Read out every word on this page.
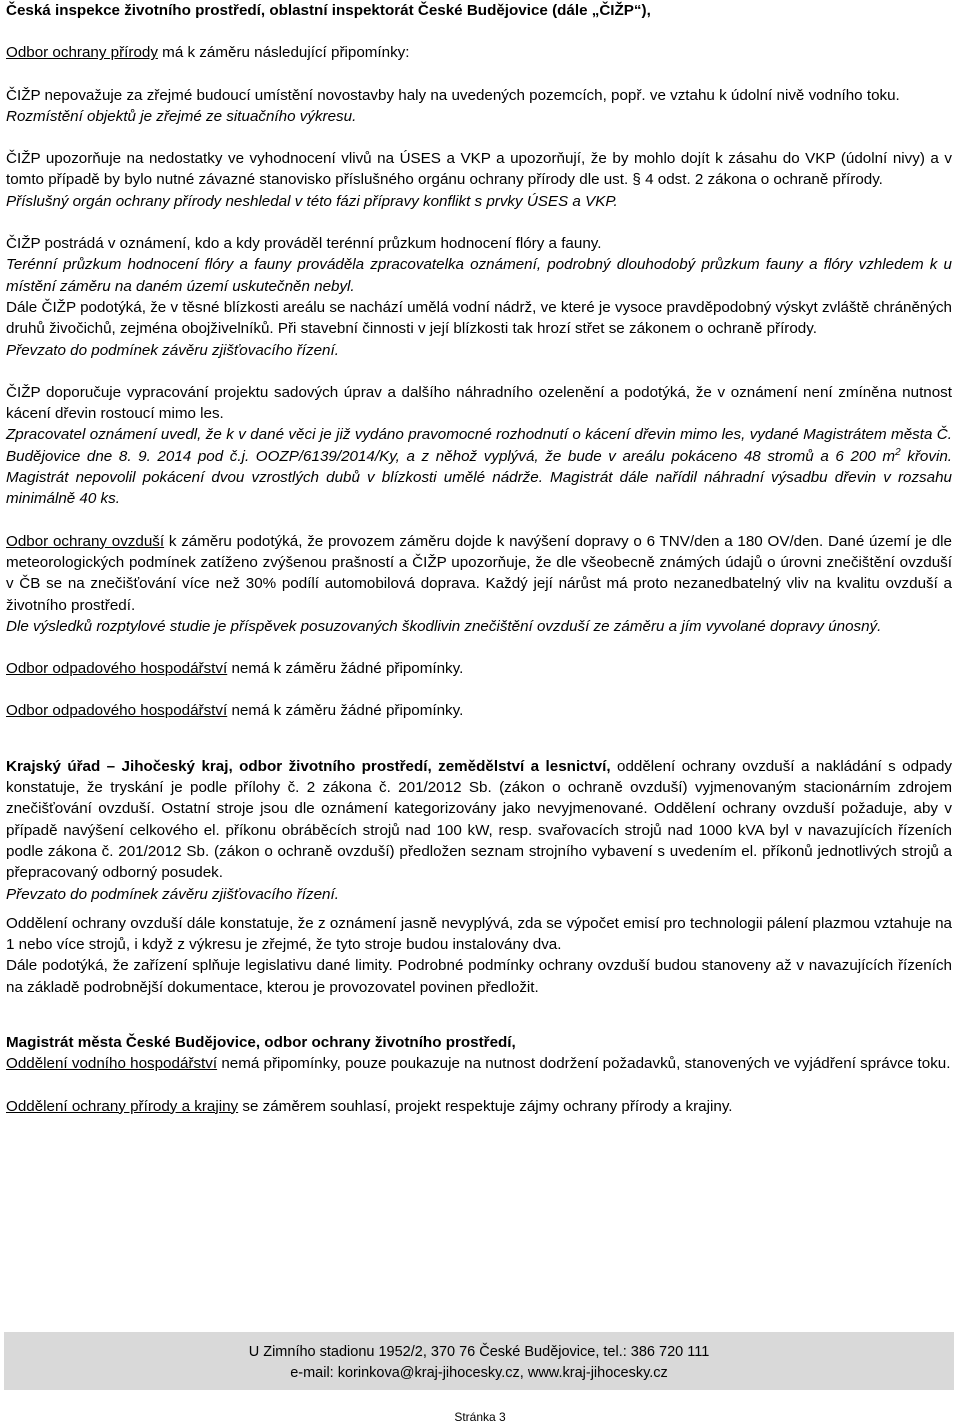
Česká inspekce životního prostředí, oblastní inspektorát České Budějovice (dále „ČIŽP“),

Odbor ochrany přírody má k záměru následující připomínky:

ČIŽP nepovažuje za zřejmé budoucí umístění novostavby haly na uvedených pozemcích, popř. ve vztahu k údolní nivě vodního toku.

Rozmístění objektů je zřejmé ze situačního výkresu.

ČIŽP upozorňuje na nedostatky ve vyhodnocení vlivů na ÚSES a VKP a upozorňují, že by mohlo dojít k zásahu do VKP (údolní nivy) a v tomto případě by bylo nutné závazné stanovisko příslušného orgánu ochrany přírody dle ust. § 4 odst. 2 zákona o ochraně přírody.

Příslušný orgán ochrany přírody neshledal v této fázi přípravy konflikt s prvky ÚSES a VKP.

ČIŽP postrádá v oznámení, kdo a kdy prováděl terénní průzkum hodnocení flóry a fauny.

Terénní průzkum hodnocení flóry a fauny prováděla zpracovatelka oznámení, podrobný dlouhodobý průzkum fauny a flóry vzhledem k u místění záměru na daném území uskutečněn nebyl.

Dále ČIŽP podotýká, že v těsné blízkosti areálu se nachází umělá vodní nádrž, ve které je vysoce pravděpodobný výskyt zvláště chráněných druhů živočichů, zejména obojživelníků. Při stavební činnosti v její blízkosti tak hrozí střet se zákonem o ochraně přírody.

Převzato do podmínek závěru zjišťovacího řízení.

ČIŽP doporučuje vypracování projektu sadových úprav a dalšího náhradního ozelenění a podotýká, že v oznámení není zmíněna nutnost kácení dřevin rostoucí mimo les.

Zpracovatel oznámení uvedl, že k v dané věci je již vydáno pravomocné rozhodnutí o kácení dřevin mimo les, vydané Magistrátem města Č. Budějovice dne 8. 9. 2014 pod č.j. OOZP/6139/2014/Ky, a z něhož vyplývá, že bude v areálu pokáceno 48 stromů a 6 200 $m^2$ křovin. Magistrát nepovolil pokácení dvou vzrostlých dubů v blízkosti umělé nádrže. Magistrát dále nařídil náhradní výsadbu dřevin v rozsahu minimálně 40 ks.

Odbor ochrany ovzduší k záměru podotýká, že provozem záměru dojde k navýšení dopravy o 6 TNV/den a 180 OV/den. Dané území je dle meteorologických podmínek zatíženo zvýšenou prašností a ČIŽP upozorňuje, že dle všeobecně známých údajů o úrovni znečištění ovzduší v ČB se na znečišťování více než 30% podílí automobilová doprava. Každý její nárůst má proto nezanedbatelný vliv na kvalitu ovzduší a životního prostředí.

Dle výsledků rozptylové studie je příspěvek posuzovaných škodlivin znečištění ovzduší ze záměru a jím vyvolané dopravy únosný.

Odbor odpadového hospodářství nemá k záměru žádné připomínky.

Odbor odpadového hospodářství nemá k záměru žádné připomínky.

Krajský úřad – Jihočeský kraj, odbor životního prostředí, zemědělství a lesnictví, oddělení ochrany ovzduší a nakládání s odpady konstatuje, že tryskání je podle přílohy č. 2 zákona č. 201/2012 Sb. (zákon o ochraně ovzduší) vyjmenovaným stacionárním zdrojem znečišťování ovzduší. Ostatní stroje jsou dle oznámení kategorizovány jako nevyjmenované. Oddělení ochrany ovzduší požaduje, aby v případě navýšení celkového el. příkonu obráběcích strojů nad 100 kW, resp. svařovacích strojů nad 1000 kVA byl v navazujících řízeních podle zákona č. 201/2012 Sb. (zákon o ochraně ovzduší) předložen seznam strojního vybavení s uvedením el. příkonů jednotlivých strojů a přepracovaný odborný posudek.

Převzato do podmínek závěru zjišťovacího řízení.

Oddělení ochrany ovzduší dále konstatuje, že z oznámení jasně nevyplývá, zda se výpočet emisí pro technologii pálení plazmou vztahuje na 1 nebo více strojů, i když z výkresu je zřejmé, že tyto stroje budou instalovány dva.

Dále podotýká, že zařízení splňuje legislativu dané limity. Podrobné podmínky ochrany ovzduší budou stanoveny až v navazujících řízeních na základě podrobnější dokumentace, kterou je provozovatel povinen předložit.

Magistrát města České Budějovice, odbor ochrany životního prostředí,

Oddělení vodního hospodářství nemá připomínky, pouze poukazuje na nutnost dodržení požadavků, stanovených ve vyjádření správce toku.

Oddělení ochrany přírody a krajiny se záměrem souhlasí, projekt respektuje zájmy ochrany přírody a krajiny.

U Zimního stadionu 1952/2, 370 76 České Budějovice, tel.: 386 720 111
e-mail: korinkova@kraj-jihocesky.cz, www.kraj-jihocesky.cz
Stránka 3
